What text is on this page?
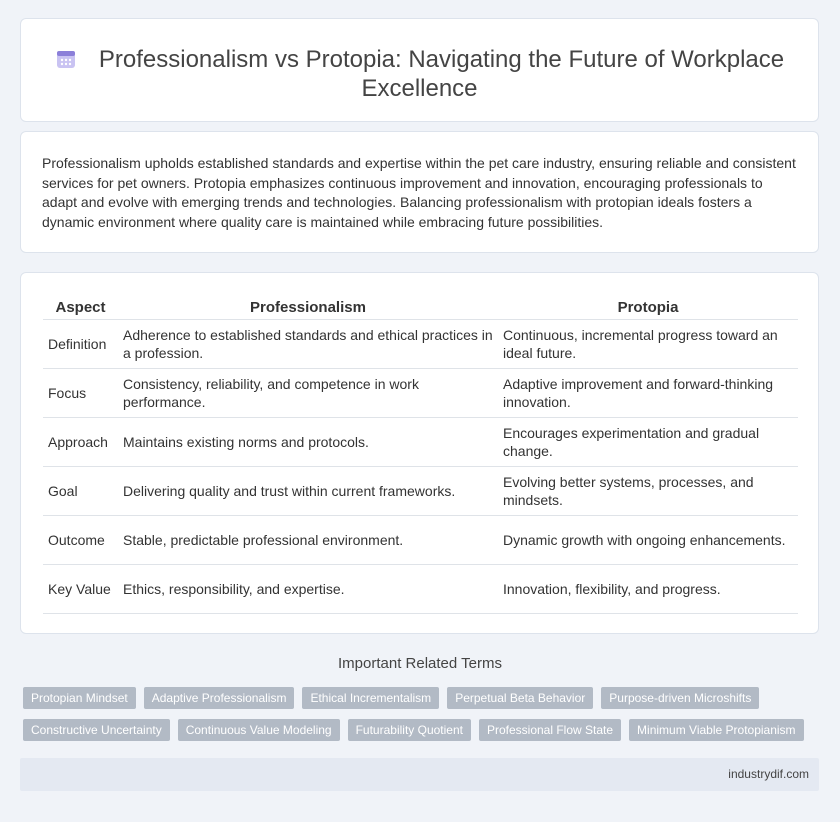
Professionalism vs Protopia: Navigating the Future of Workplace Excellence

Professionalism upholds established standards and expertise within the pet care industry, ensuring reliable and consistent services for pet owners. Protopia emphasizes continuous improvement and innovation, encouraging professionals to adapt and evolve with emerging trends and technologies. Balancing professionalism with protopian ideals fosters a dynamic environment where quality care is maintained while embracing future possibilities.

Aspect	Professionalism	Protopia
Definition	Adherence to established standards and ethical practices in a profession.	Continuous, incremental progress toward an ideal future.
Focus	Consistency, reliability, and competence in work performance.	Adaptive improvement and forward-thinking innovation.
Approach	Maintains existing norms and protocols.	Encourages experimentation and gradual change.
Goal	Delivering quality and trust within current frameworks.	Evolving better systems, processes, and mindsets.
Outcome	Stable, predictable professional environment.	Dynamic growth with ongoing enhancements.
Key Value	Ethics, responsibility, and expertise.	Innovation, flexibility, and progress.
Important Related Terms
Protopian Mindset	Adaptive Professionalism	Ethical Incrementalism	Perpetual Beta Behavior	Purpose-driven Microshifts
Constructive Uncertainty	Continuous Value Modeling	Futurability Quotient	Professional Flow State	Minimum Viable Protopianism
industrydif.com
